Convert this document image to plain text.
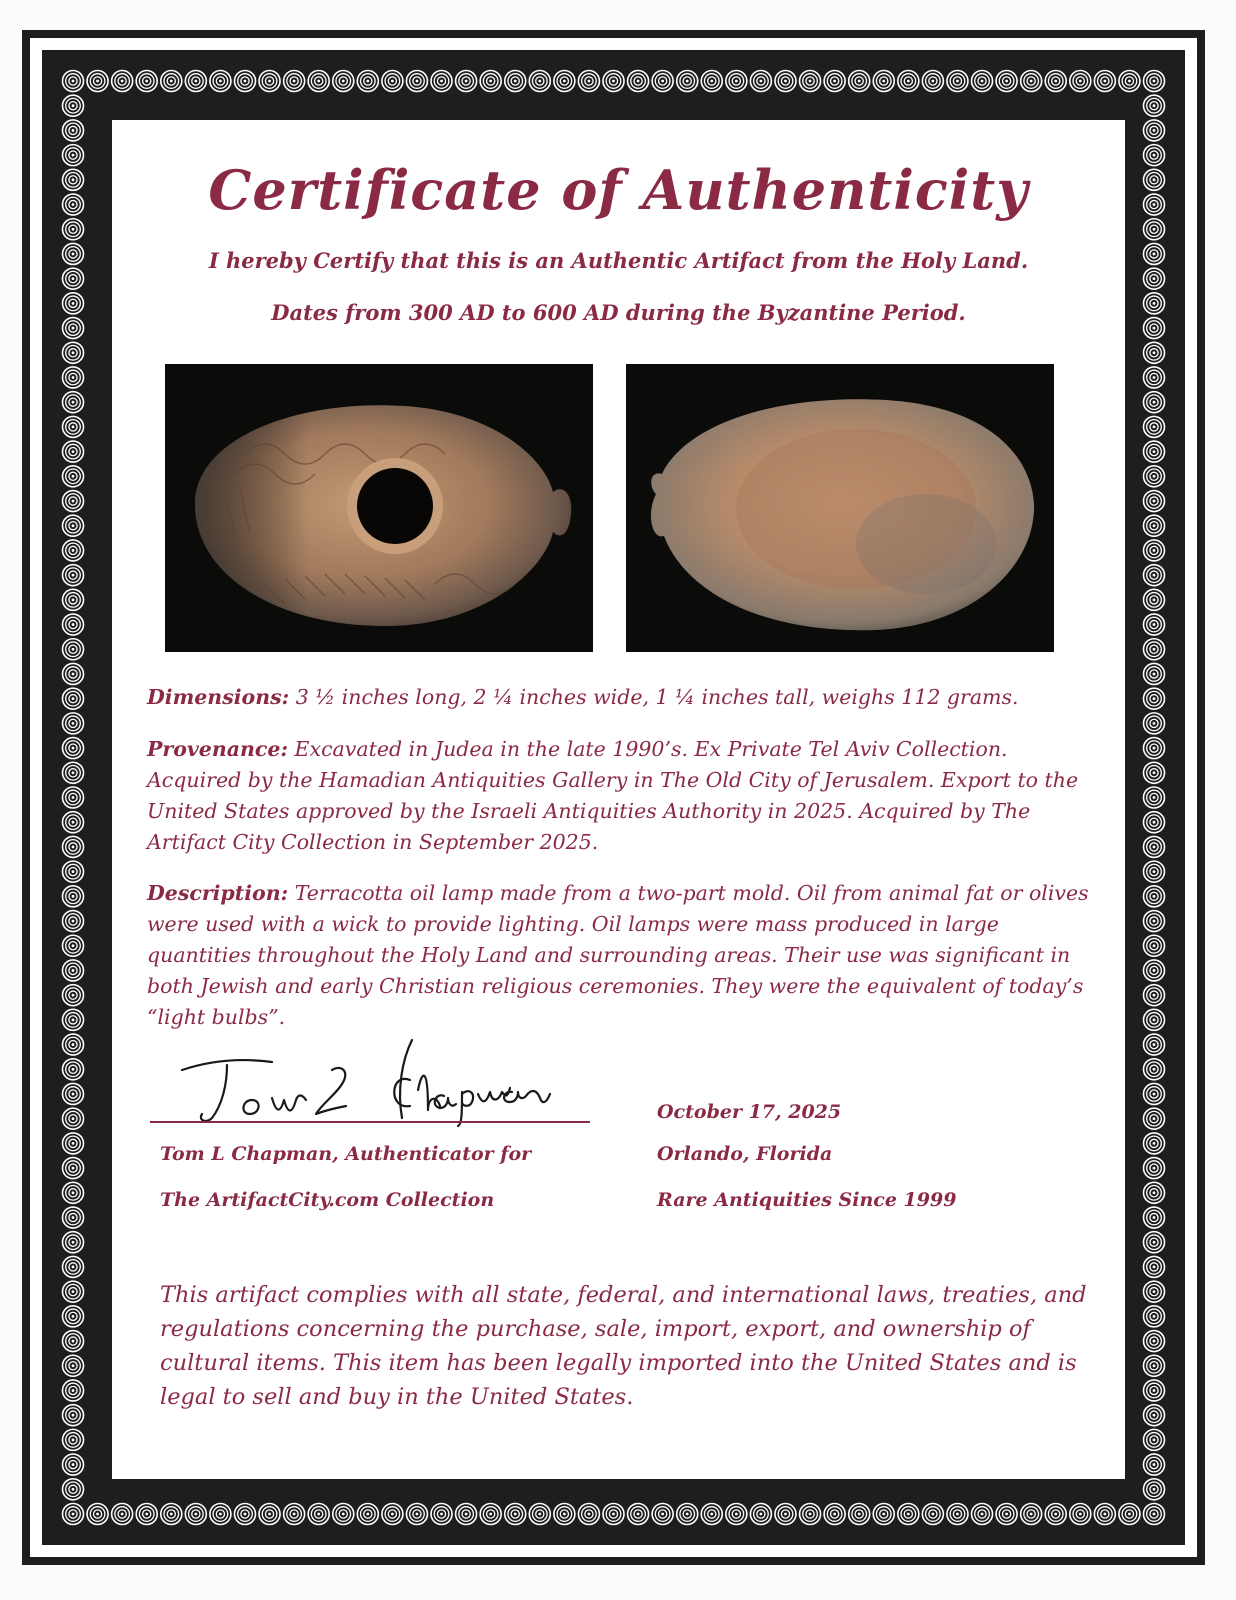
Certificate of Authenticity
I hereby Certify that this is an Authentic Artifact from the Holy Land.
Dates from 300 AD to 600 AD during the Byzantine Period.
Dimensions: 3 ½ inches long, 2 ¼ inches wide, 1 ¼ inches tall, weighs 112 grams.
Provenance: Excavated in Judea in the late 1990’s. Ex Private Tel Aviv Collection. Acquired by the Hamadian Antiquities Gallery in The Old City of Jerusalem. Export to the United States approved by the Israeli Antiquities Authority in 2025. Acquired by The Artifact City Collection in September 2025.
Description: Terracotta oil lamp made from a two-part mold. Oil from animal fat or olives were used with a wick to provide lighting. Oil lamps were mass produced in large quantities throughout the Holy Land and surrounding areas. Their use was significant in both Jewish and early Christian religious ceremonies. They were the equivalent of today’s “light bulbs”.
Tom L Chapman, Authenticator for
The ArtifactCity.com Collection
October 17, 2025
Orlando, Florida
Rare Antiquities Since 1999
This artifact complies with all state, federal, and international laws, treaties, and regulations concerning the purchase, sale, import, export, and ownership of cultural items. This item has been legally imported into the United States and is legal to sell and buy in the United States.
